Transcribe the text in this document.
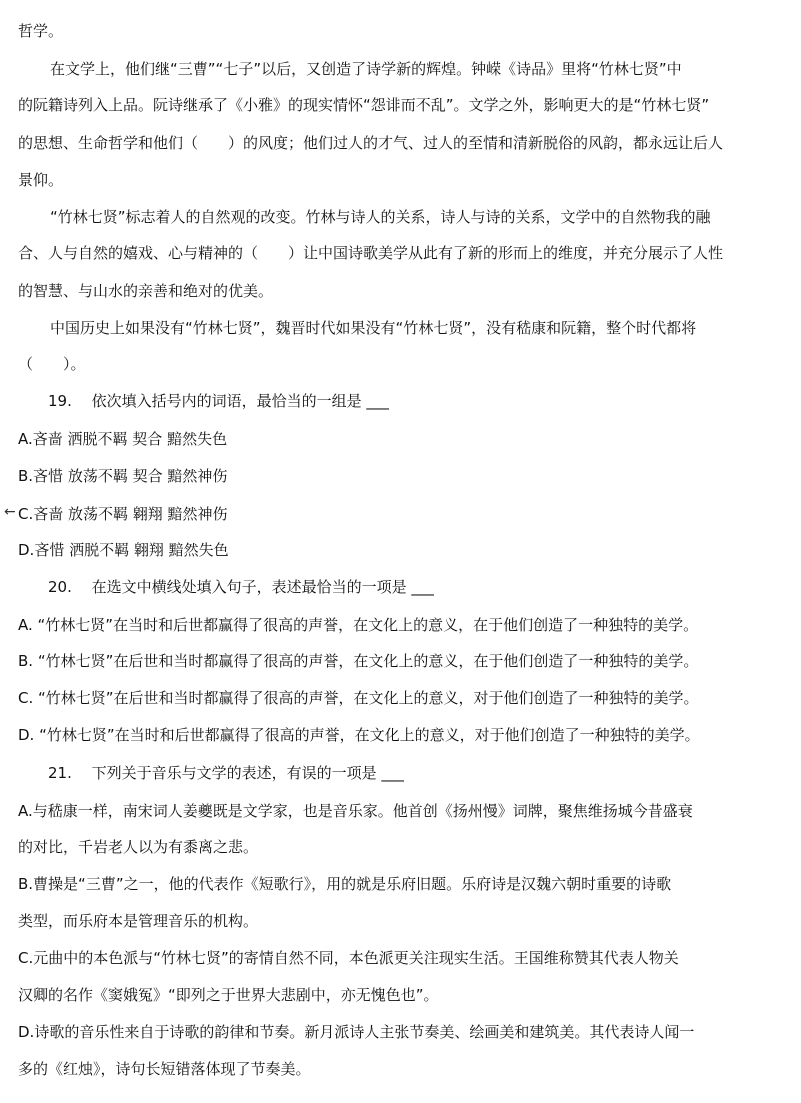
哲学。
在文学上，他们继“三曹”“七子”以后，又创造了诗学新的辉煌。钟嵘《诗品》里将“竹林七贤”中
的阮籍诗列入上品。阮诗继承了《小雅》的现实情怀“怨诽而不乱”。文学之外，影响更大的是“竹林七贤”
的思想、生命哲学和他们（　　）的风度；他们过人的才气、过人的至情和清新脱俗的风韵，都永远让后人
景仰。
“竹林七贤”标志着人的自然观的改变。竹林与诗人的关系，诗人与诗的关系，文学中的自然物我的融
合、人与自然的嬉戏、心与精神的（　　）让中国诗歌美学从此有了新的形而上的维度，并充分展示了人性
的智慧、与山水的亲善和绝对的优美。
中国历史上如果没有“竹林七贤”，魏晋时代如果没有“竹林七贤”，没有嵇康和阮籍，整个时代都将
（　　）。
19.　 依次填入括号内的词语，最恰当的一组是 ___
A.吝啬 洒脱不羁 契合 黯然失色
B.吝惜 放荡不羁 契合 黯然神伤
C.吝啬 放荡不羁 翱翔 黯然神伤
D.吝惜 洒脱不羁 翱翔 黯然失色
←
20.　 在选文中横线处填入句子，表述最恰当的一项是 ___
A. “竹林七贤”在当时和后世都赢得了很高的声誉，在文化上的意义，在于他们创造了一种独特的美学。
B. “竹林七贤”在后世和当时都赢得了很高的声誉，在文化上的意义，在于他们创造了一种独特的美学。
C. “竹林七贤”在后世和当时都赢得了很高的声誉，在文化上的意义，对于他们创造了一种独特的美学。
D. “竹林七贤”在当时和后世都赢得了很高的声誉，在文化上的意义，对于他们创造了一种独特的美学。
21.　 下列关于音乐与文学的表述，有误的一项是 ___
A.与嵇康一样，南宋词人姜夔既是文学家，也是音乐家。他首创《扬州慢》词牌，聚焦维扬城今昔盛衰
的对比，千岩老人以为有黍离之悲。
B.曹操是“三曹”之一，他的代表作《短歌行》，用的就是乐府旧题。乐府诗是汉魏六朝时重要的诗歌
类型，而乐府本是管理音乐的机构。
C.元曲中的本色派与“竹林七贤”的寄情自然不同，本色派更关注现实生活。王国维称赞其代表人物关
汉卿的名作《窦娥冤》“即列之于世界大悲剧中，亦无愧色也”。
D.诗歌的音乐性来自于诗歌的韵律和节奏。新月派诗人主张节奏美、绘画美和建筑美。其代表诗人闻一
多的《红烛》，诗句长短错落体现了节奏美。
